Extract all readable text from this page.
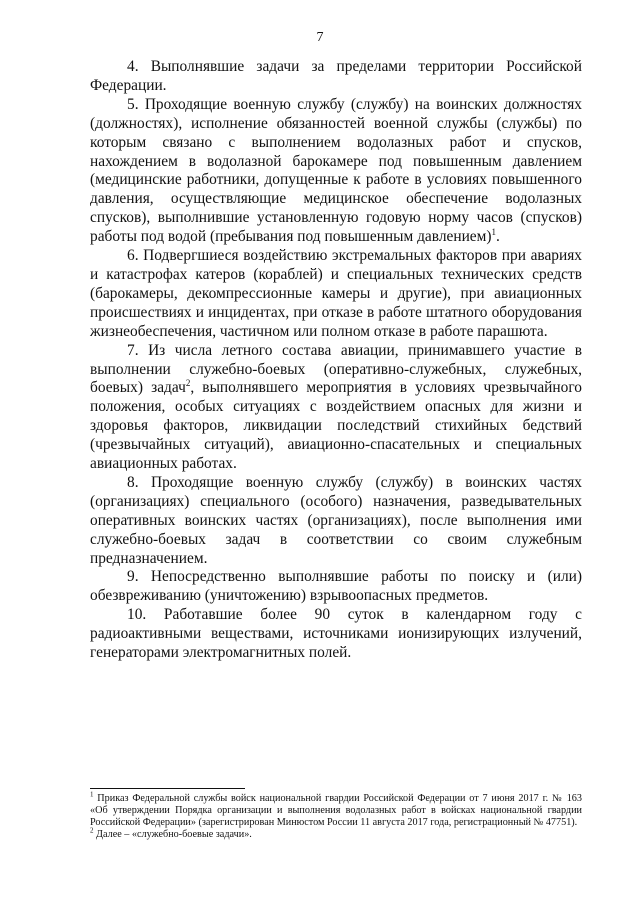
7

4. Выполнявшие задачи за пределами территории Российской Федерации.

5. Проходящие военную службу (службу) на воинских должностях (должностях), исполнение обязанностей военной службы (службы) по которым связано с выполнением водолазных работ и спусков, нахождением в водолазной барокамере под повышенным давлением (медицинские работники, допущенные к работе в условиях повышенного давления, осуществляющие медицинское обеспечение водолазных спусков), выполнившие установленную годовую норму часов (спусков) работы под водой (пребывания под повышенным давлением)$^1$.

6. Подвергшиеся воздействию экстремальных факторов при авариях и катастрофах катеров (кораблей) и специальных технических средств (барокамеры, декомпрессионные камеры и другие), при авиационных происшествиях и инцидентах, при отказе в работе штатного оборудования жизнеобеспечения, частичном или полном отказе в работе парашюта.

7. Из числа летного состава авиации, принимавшего участие в выполнении служебно-боевых (оперативно-служебных, служебных, боевых) задач$^2$, выполнявшего мероприятия в условиях чрезвычайного положения, особых ситуациях с воздействием опасных для жизни и здоровья факторов, ликвидации последствий стихийных бедствий (чрезвычайных ситуаций), авиационно-спасательных и специальных авиационных работах.

8. Проходящие военную службу (службу) в воинских частях (организациях) специального (особого) назначения, разведывательных оперативных воинских частях (организациях), после выполнения ими служебно-боевых задач в соответствии со своим служебным предназначением.

9. Непосредственно выполнявшие работы по поиску и (или) обезвреживанию (уничтожению) взрывоопасных предметов.

10. Работавшие более 90 суток в календарном году с радиоактивными веществами, источниками ионизирующих излучений, генераторами электромагнитных полей.

$^1$ Приказ Федеральной службы войск национальной гвардии Российской Федерации от 7 июня 2017 г. № 163 «Об утверждении Порядка организации и выполнения водолазных работ в войсках национальной гвардии Российской Федерации» (зарегистрирован Минюстом России 11 августа 2017 года, регистрационный № 47751).

$^2$ Далее – «служебно-боевые задачи».
